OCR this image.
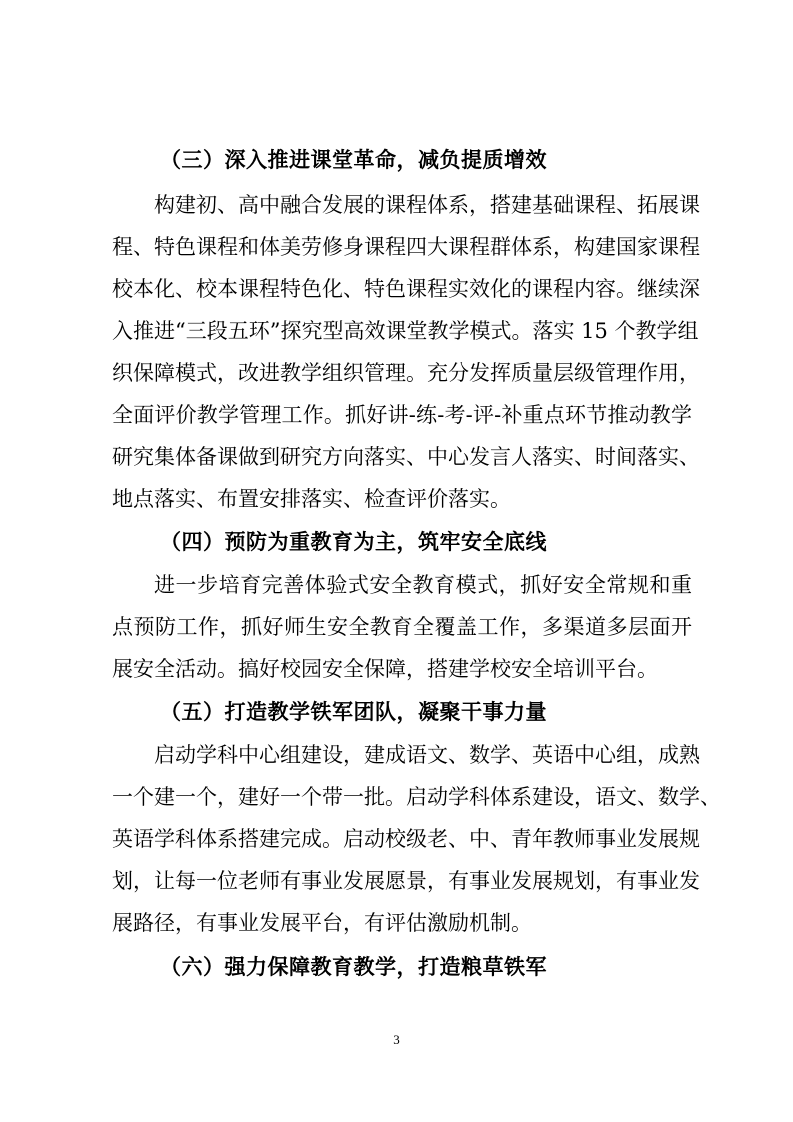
（三）深入推进课堂革命，减负提质增效
构建初、高中融合发展的课程体系，搭建基础课程、拓展课
程、特色课程和体美劳修身课程四大课程群体系，构建国家课程
校本化、校本课程特色化、特色课程实效化的课程内容。继续深
入推进“三段五环”探究型高效课堂教学模式。落实 15 个教学组
织保障模式，改进教学组织管理。充分发挥质量层级管理作用，
全面评价教学管理工作。抓好讲-练-考-评-补重点环节推动教学
研究集体备课做到研究方向落实、中心发言人落实、时间落实、
地点落实、布置安排落实、检查评价落实。
（四）预防为重教育为主，筑牢安全底线
进一步培育完善体验式安全教育模式，抓好安全常规和重
点预防工作，抓好师生安全教育全覆盖工作，多渠道多层面开
展安全活动。搞好校园安全保障，搭建学校安全培训平台。
（五）打造教学铁军团队，凝聚干事力量
启动学科中心组建设，建成语文、数学、英语中心组，成熟
一个建一个，建好一个带一批。启动学科体系建设，语文、数学、
英语学科体系搭建完成。启动校级老、中、青年教师事业发展规
划，让每一位老师有事业发展愿景，有事业发展规划，有事业发
展路径，有事业发展平台，有评估激励机制。
（六）强力保障教育教学，打造粮草铁军
3
